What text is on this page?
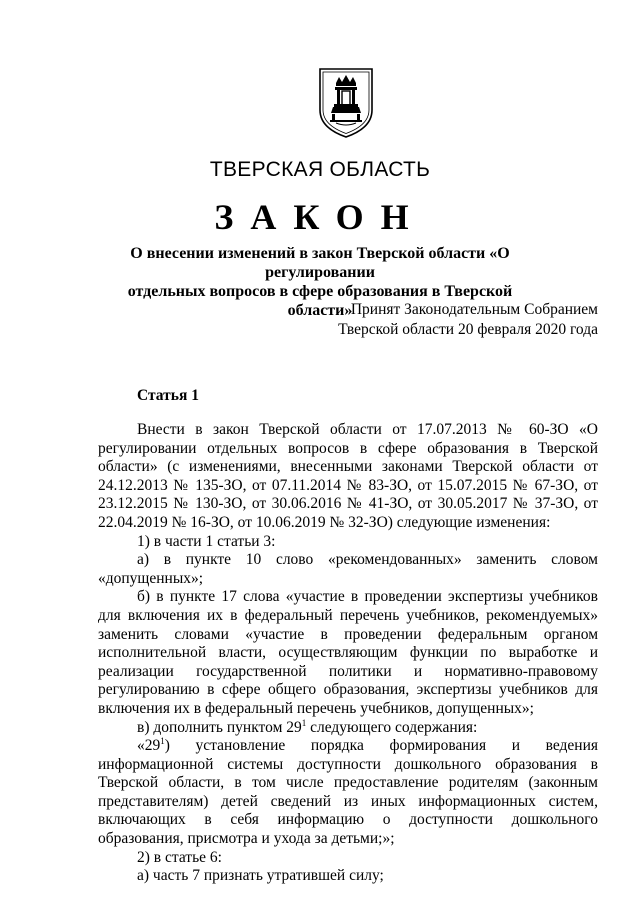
ТВЕРСКАЯ ОБЛАСТЬ
ЗАКОН
О внесении изменений в закон Тверской области «О регулировании
отдельных вопросов в сфере образования в Тверской области»
Принят Законодательным Собранием
Тверской области 20 февраля 2020 года
Статья 1

Внести в закон Тверской области от 17.07.2013 № 60-ЗО «О регулировании отдельных вопросов в сфере образования в Тверской области» (с изменениями, внесенными законами Тверской области от 24.12.2013 № 135-ЗО, от 07.11.2014 № 83-ЗО, от 15.07.2015 № 67-ЗО, от 23.12.2015 № 130-ЗО, от 30.06.2016 № 41-ЗО, от 30.05.2017 № 37-ЗО, от 22.04.2019 № 16-ЗО, от 10.06.2019 № 32-ЗО) следующие изменения:

1) в части 1 статьи 3:

а) в пункте 10 слово «рекомендованных» заменить словом «допущенных»;

б) в пункте 17 слова «участие в проведении экспертизы учебников для включения их в федеральный перечень учебников, рекомендуемых» заменить словами «участие в проведении федеральным органом исполнительной власти, осуществляющим функции по выработке и реализации государственной политики и нормативно-правовому регулированию в сфере общего образования, экспертизы учебников для включения их в федеральный перечень учебников, допущенных»;

в) дополнить пунктом $29^1$ следующего содержания:

«$29^1$) установление порядка формирования и ведения информационной системы доступности дошкольного образования в Тверской области, в том числе предоставление родителям (законным представителям) детей сведений из иных информационных систем, включающих в себя информацию о доступности дошкольного образования, присмотра и ухода за детьми;»;

2) в статье 6:

а) часть 7 признать утратившей силу;
